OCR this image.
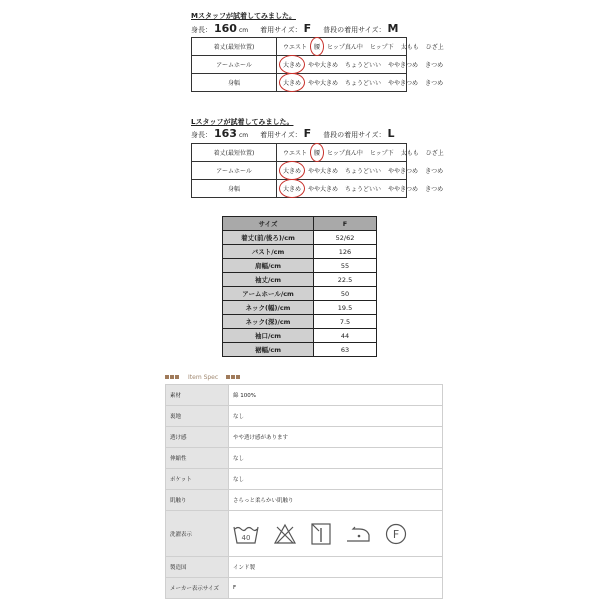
Mスタッフが試着してみました。
身長： 160 cm 着用サイズ： F 普段の着用サイズ： M
着丈(最短位置)	ウエスト 腰 ヒップ真ん中 ヒップ下 太もも ひざ上
アームホール	大きめ やや大きめ ちょうどいい ややきつめ きつめ
身幅	大きめ やや大きめ ちょうどいい ややきつめ きつめ
Lスタッフが試着してみました。
身長： 163 cm 着用サイズ： F 普段の着用サイズ： L
着丈(最短位置)	ウエスト 腰 ヒップ真ん中 ヒップ下 太もも ひざ上
アームホール	大きめ やや大きめ ちょうどいい ややきつめ きつめ
身幅	大きめ やや大きめ ちょうどいい ややきつめ きつめ
サイズ	F
着丈(前/後ろ)/cm	52/62
バスト/cm	126
肩幅/cm	55
袖丈/cm	22.5
アームホール/cm	50
ネック(幅)/cm	19.5
ネック(深)/cm	7.5
袖口/cm	44
裾幅/cm	63
Item Spec
素材	綿 100%
裏地	なし
透け感	やや透け感があります
伸縮性	なし
ポケット	なし
肌触り	さらっと柔らかい肌触り
洗濯表示	40 F

製造国	インド製
メーカー表示サイズ	F
